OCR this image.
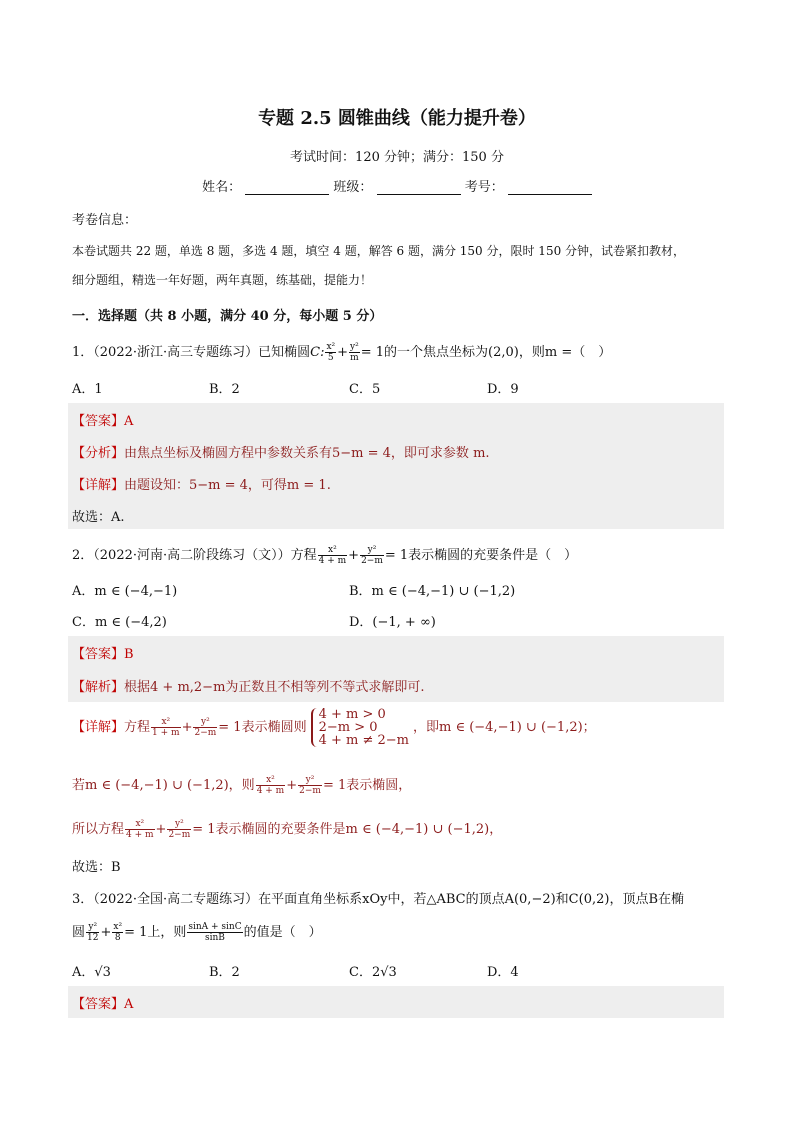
专题 2.5 圆锥曲线（能力提升卷）
考试时间：120 分钟；满分：150 分
姓名：	班级：	考号：
考卷信息：
本卷试题共 22 题，单选 8 题，多选 4 题，填空 4 题，解答 6 题，满分 150 分，限时 150 分钟，试卷紧扣教材，
细分题组，精选一年好题，两年真题，练基础，提能力！
一．选择题（共 8 小题，满分 40 分，每小题 5 分）
1．（2022·浙江·高三专题练习）已知椭圆C: $\frac{\text{x²}}{5} + \frac{\text{y²}}{m} = 1$的一个焦点坐标为(2,0)，则m =（　）
A．1	B．2	C．5	D．9
【答案】A
【分析】由焦点坐标及椭圆方程中参数关系有5−m = 4，即可求参数 m.
【详解】由题设知：5−m = 4，可得m = 1.
故选：A.
2．（2022·河南·高二阶段练习（文））方程 $\frac{\text{x²}}{4 + m} + \frac{\text{y²}}{2-m} = 1$表示椭圆的充要条件是（　）
A．m ∈ (−4,−1)	B．m ∈ (−4,−1) ∪ (−1,2)
C．m ∈ (−4,2)	D．(−1, + ∞)
【答案】B
【解析】根据4 + m,2−m为正数且不相等列不等式求解即可.
【详解】方程 $\frac{\text{x²}}{1 + m} + \frac{\text{y²}}{2-m} = 1$表示椭圆则
4 + m > 0
2−m > 0
4 + m ≠ 2−m
，即m ∈ (−4,−1) ∪ (−1,2)；
若m ∈ (−4,−1) ∪ (−1,2)，则 $\frac{\text{x²}}{4 + m} + \frac{\text{y²}}{2-m} = 1$表示椭圆，
所以方程 $\frac{\text{x²}}{4 + m} + \frac{\text{y²}}{2-m} = 1$表示椭圆的充要条件是m ∈ (−4,−1) ∪ (−1,2)，
故选：B
3．（2022·全国·高二专题练习）在平面直角坐标系xOy中，若△ABC的顶点A(0,−2)和C(0,2)，顶点B在椭
圆 $\frac{\text{y²}}{12} + \frac{\text{x²}}{8} = 1$上，则 $\frac{\sin A + \sin C}{\sin B}$ 的值是（　）
A．√3	B．2	C．2√3	D．4
【答案】A
